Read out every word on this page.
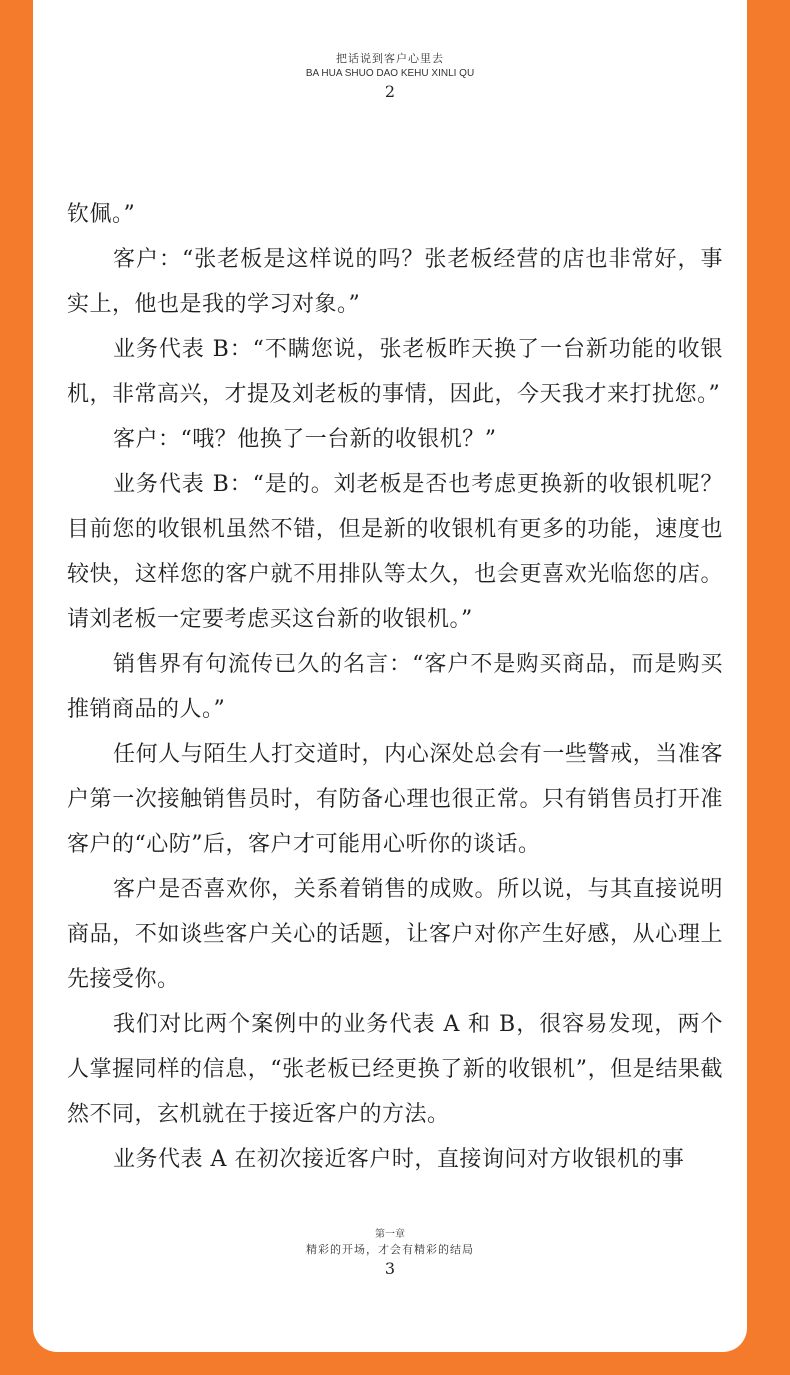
把话说到客户心里去
BA HUA SHUO DAO KEHU XINLI QU
2

钦佩。”

客户：“张老板是这样说的吗？张老板经营的店也非常好，事实上，他也是我的学习对象。”

业务代表 B：“不瞒您说，张老板昨天换了一台新功能的收银机，非常高兴，才提及刘老板的事情，因此，今天我才来打扰您。”

客户：“哦？他换了一台新的收银机？”

业务代表 B：“是的。刘老板是否也考虑更换新的收银机呢？目前您的收银机虽然不错，但是新的收银机有更多的功能，速度也较快，这样您的客户就不用排队等太久，也会更喜欢光临您的店。请刘老板一定要考虑买这台新的收银机。”

销售界有句流传已久的名言：“客户不是购买商品，而是购买推销商品的人。”

任何人与陌生人打交道时，内心深处总会有一些警戒，当准客户第一次接触销售员时，有防备心理也很正常。只有销售员打开准客户的“心防”后，客户才可能用心听你的谈话。

客户是否喜欢你，关系着销售的成败。所以说，与其直接说明商品，不如谈些客户关心的话题，让客户对你产生好感，从心理上先接受你。

我们对比两个案例中的业务代表 A 和 B，很容易发现，两个人掌握同样的信息，“张老板已经更换了新的收银机”，但是结果截然不同，玄机就在于接近客户的方法。

业务代表 A 在初次接近客户时，直接询问对方收银机的事

第一章
精彩的开场，才会有精彩的结局
3
